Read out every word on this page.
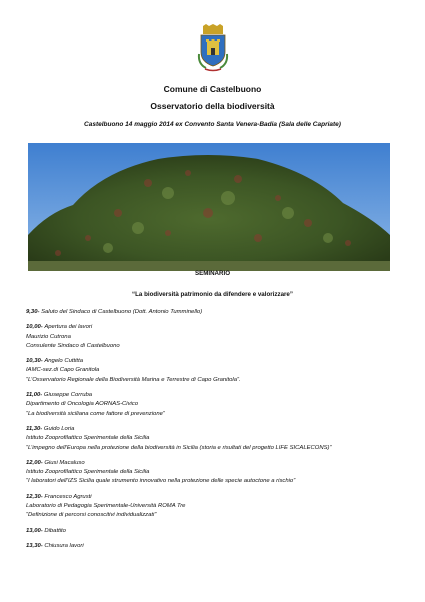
Comune di Castelbuono
Osservatorio della biodiversità
Castelbuono 14 maggio 2014 ex Convento Santa Venera-Badia (Sala delle Capriate)
SEMINARIO
“La biodiversità patrimonio da difendere e valorizzare”
9,30- Saluto del Sindaco di Castelbuono (Dott. Antonio Tumminello)
10,00- Apertura dei lavori
Maurizio Cutrona
Consulente Sindaco di Castelbuono
10,30- Angelo Cuttitta
IAMC-sez.di Capo Granitola
“L’Osservatorio Regionale della Biodiversità Marina e Terrestre di Capo Granitola”.
11,00- Giuseppe Corruba
Dipartimento di Oncologia AORNAS-Civico
“La biodiversità siciliana come fattore di prevenzione”
11,30- Guido Loria
Istituto Zooprofilattico Sperimentale della Sicilia
“L’impegno dell’Europa nella protezione della biodiversità in Sicilia (storia e risultati del progetto LIFE SICALECONS)”
12,00- Giusi Macaluso
Istituto Zooprofilattico Sperimentale della Sicilia
“I laboratori dell’IZS Sicilia quale strumento innovativo nella protezione delle specie autoctone a rischio”
12,30- Francesco Agrusti
Laboratorio di Pedagogia Sperimentale-Università ROMA Tre
“Definizione di percorsi conoscitivi individualizzati”
13,00- Dibattito
13,30- Chiusura lavori
